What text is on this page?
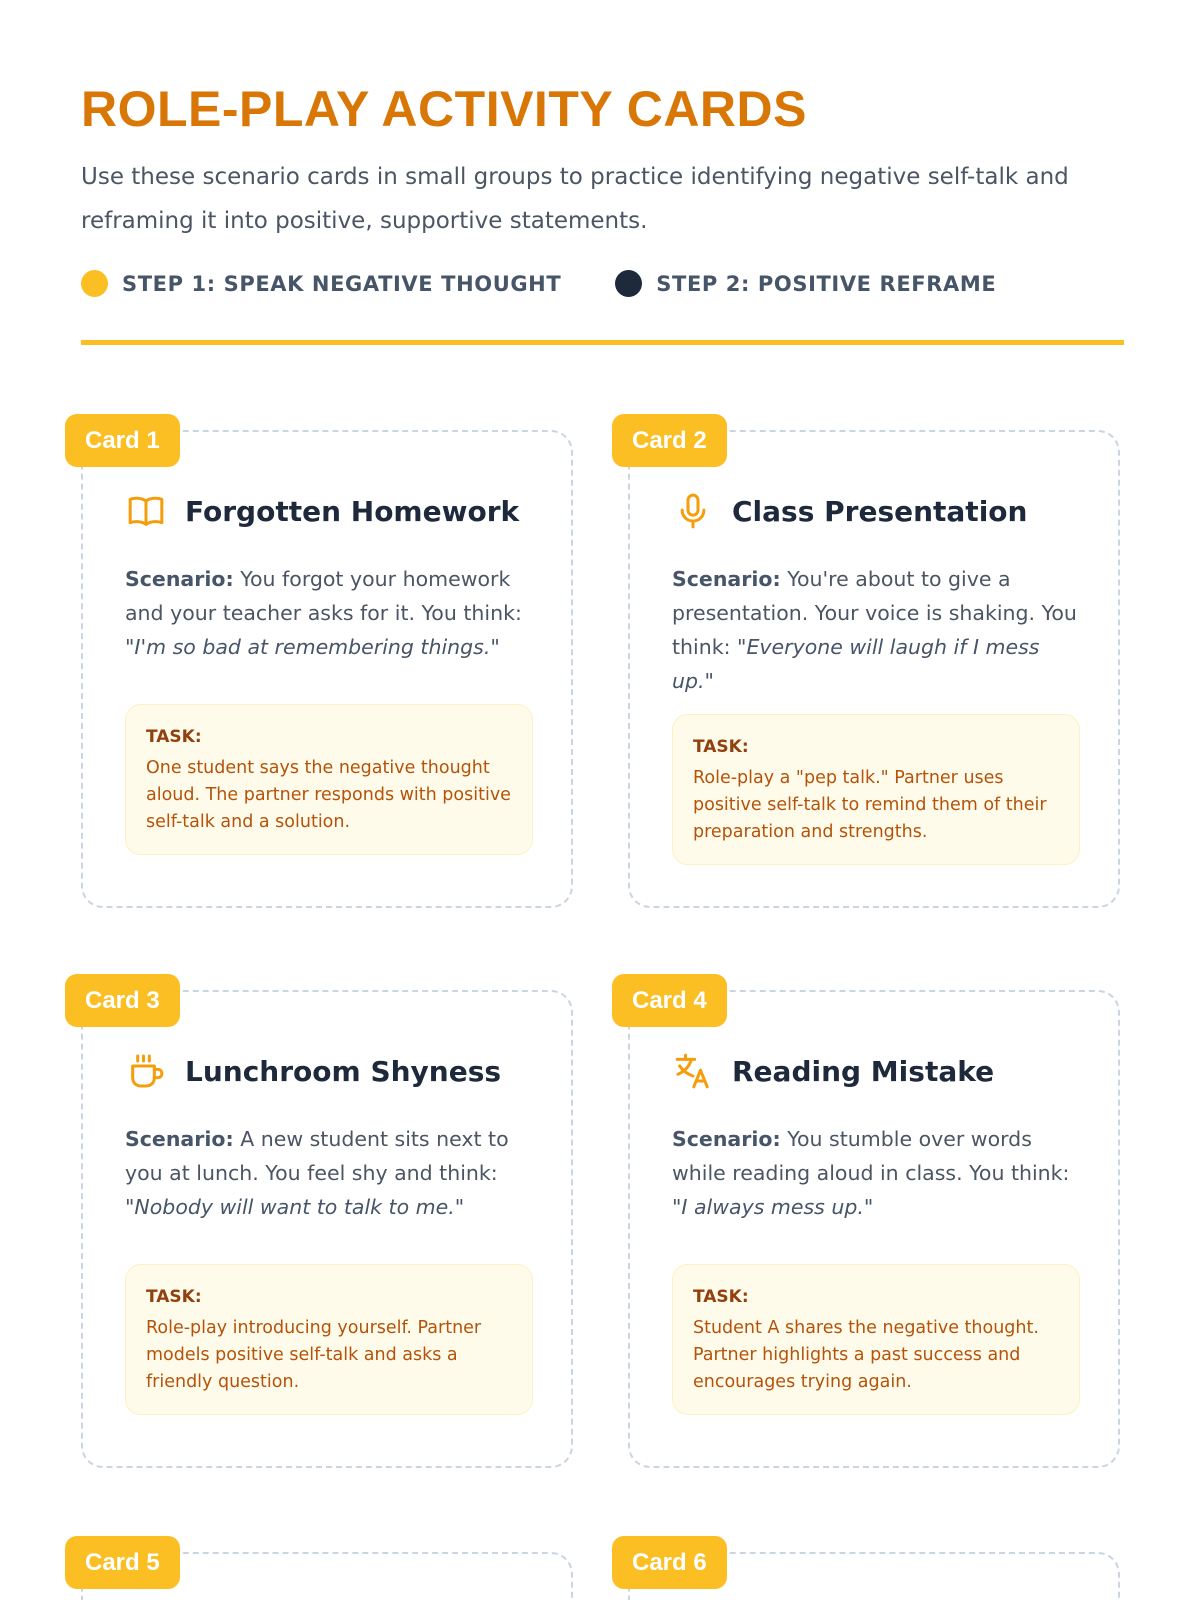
ROLE-PLAY ACTIVITY CARDS

Use these scenario cards in small groups to practice identifying negative self-talk and reframing it into positive, supportive statements.

STEP 1: SPEAK NEGATIVE THOUGHT	STEP 2: POSITIVE REFRAME
Card 1
Forgotten Homework

Scenario: You forgot your homework and your teacher asks for it. You think: "I'm so bad at remembering things."

TASK:
One student says the negative thought aloud. The partner responds with positive self-talk and a solution.
Card 2
Class Presentation

Scenario: You're about to give a presentation. Your voice is shaking. You think: "Everyone will laugh if I mess up."

TASK:
Role-play a "pep talk." Partner uses positive self-talk to remind them of their preparation and strengths.
Card 3
Lunchroom Shyness

Scenario: A new student sits next to you at lunch. You feel shy and think: "Nobody will want to talk to me."

TASK:
Role-play introducing yourself. Partner models positive self-talk and asks a friendly question.
Card 4
Reading Mistake

Scenario: You stumble over words while reading aloud in class. You think: "I always mess up."

TASK:
Student A shares the negative thought. Partner highlights a past success and encourages trying again.
Card 5	Card 6
